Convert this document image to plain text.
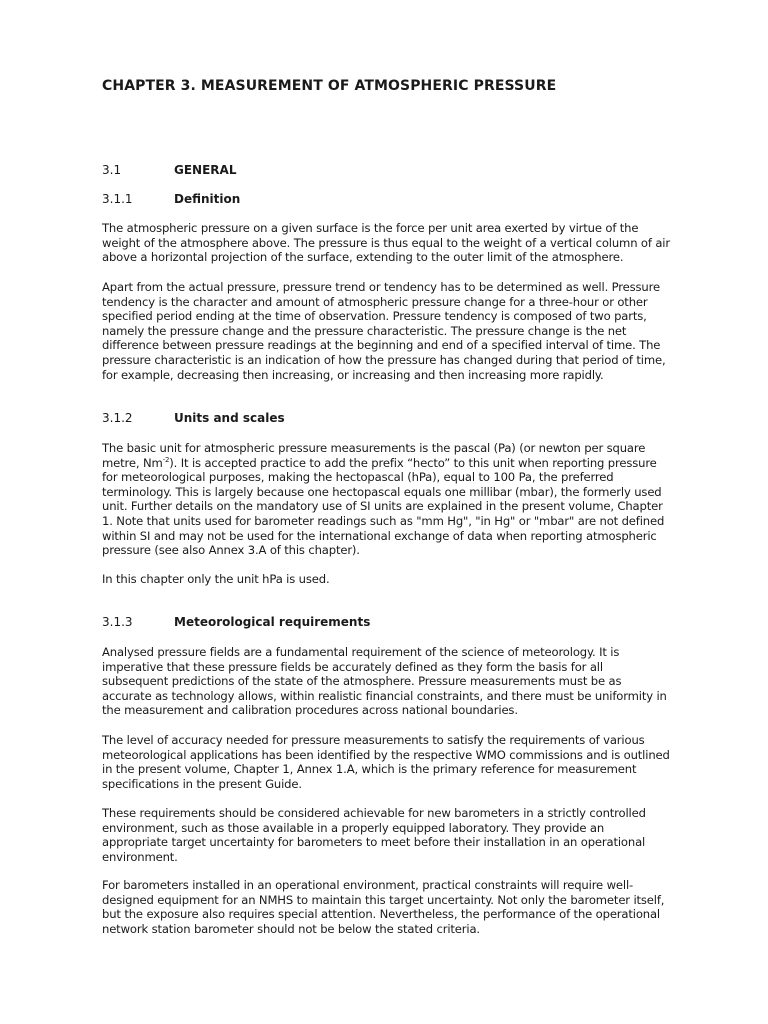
CHAPTER 3. MEASUREMENT OF ATMOSPHERIC PRESSURE
3.1	GENERAL
3.1.1	Definition

The atmospheric pressure on a given surface is the force per unit area exerted by virtue of the weight of the atmosphere above. The pressure is thus equal to the weight of a vertical column of air above a horizontal projection of the surface, extending to the outer limit of the atmosphere.

Apart from the actual pressure, pressure trend or tendency has to be determined as well. Pressure tendency is the character and amount of atmospheric pressure change for a three-hour or other specified period ending at the time of observation. Pressure tendency is composed of two parts, namely the pressure change and the pressure characteristic. The pressure change is the net difference between pressure readings at the beginning and end of a specified interval of time. The pressure characteristic is an indication of how the pressure has changed during that period of time, for example, decreasing then increasing, or increasing and then increasing more rapidly.

3.1.2	Units and scales

The basic unit for atmospheric pressure measurements is the pascal (Pa) (or newton per square metre, $Nm^{-2}$). It is accepted practice to add the prefix “hecto” to this unit when reporting pressure for meteorological purposes, making the hectopascal (hPa), equal to 100 Pa, the preferred terminology. This is largely because one hectopascal equals one millibar (mbar), the formerly used unit. Further details on the mandatory use of SI units are explained in the present volume, Chapter 1. Note that units used for barometer readings such as "mm Hg", "in Hg" or "mbar" are not defined within SI and may not be used for the international exchange of data when reporting atmospheric pressure (see also Annex 3.A of this chapter).

In this chapter only the unit hPa is used.

3.1.3	Meteorological requirements

Analysed pressure fields are a fundamental requirement of the science of meteorology. It is imperative that these pressure fields be accurately defined as they form the basis for all subsequent predictions of the state of the atmosphere. Pressure measurements must be as accurate as technology allows, within realistic financial constraints, and there must be uniformity in the measurement and calibration procedures across national boundaries.

The level of accuracy needed for pressure measurements to satisfy the requirements of various meteorological applications has been identified by the respective WMO commissions and is outlined in the present volume, Chapter 1, Annex 1.A, which is the primary reference for measurement specifications in the present Guide.

These requirements should be considered achievable for new barometers in a strictly controlled environment, such as those available in a properly equipped laboratory. They provide an appropriate target uncertainty for barometers to meet before their installation in an operational environment.

For barometers installed in an operational environment, practical constraints will require well-designed equipment for an NMHS to maintain this target uncertainty. Not only the barometer itself, but the exposure also requires special attention. Nevertheless, the performance of the operational network station barometer should not be below the stated criteria.
